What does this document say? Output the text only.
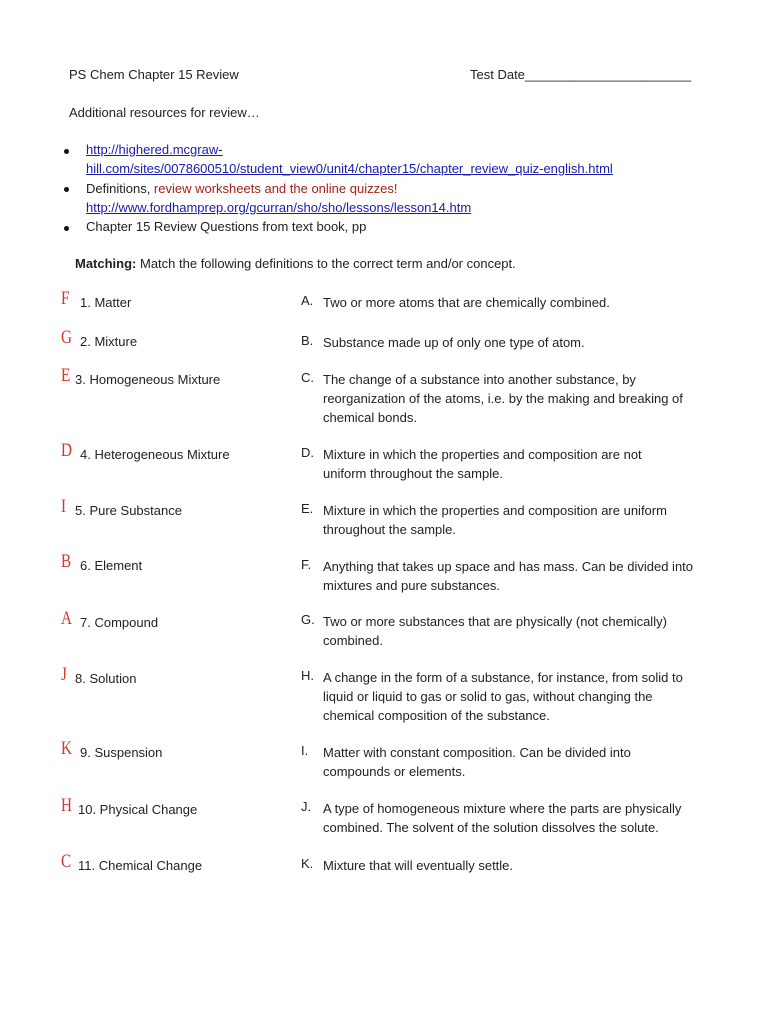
PS Chem Chapter 15 Review	Test Date_______________________
Additional resources for review…
http://highered.mcgraw-
hill.com/sites/0078600510/student_view0/unit4/chapter15/chapter_review_quiz-english.html
Definitions, review worksheets and the online quizzes!
http://www.fordhamprep.org/gcurran/sho/sho/lessons/lesson14.htm
Chapter 15 Review Questions from text book, pp
Matching: Match the following definitions to the correct term and/or concept.
F 1. Matter
G 2. Mixture
E 3. Homogeneous Mixture
D 4. Heterogeneous Mixture
I 5. Pure Substance
B 6. Element
A 7. Compound
J 8. Solution
K 9. Suspension
H 10. Physical Change
C 11. Chemical Change
A. Two or more atoms that are chemically combined.
B. Substance made up of only one type of atom.
C. The change of a substance into another substance, by
reorganization of the atoms, i.e. by the making and breaking of
chemical bonds.
D. Mixture in which the properties and composition are not
uniform throughout the sample.
E. Mixture in which the properties and composition are uniform
throughout the sample.
F. Anything that takes up space and has mass. Can be divided into
mixtures and pure substances.
G. Two or more substances that are physically (not chemically)
combined.
H. A change in the form of a substance, for instance, from solid to
liquid or liquid to gas or solid to gas, without changing the
chemical composition of the substance.
I. Matter with constant composition. Can be divided into
compounds or elements.
J. A type of homogeneous mixture where the parts are physically
combined. The solvent of the solution dissolves the solute.
K. Mixture that will eventually settle.
